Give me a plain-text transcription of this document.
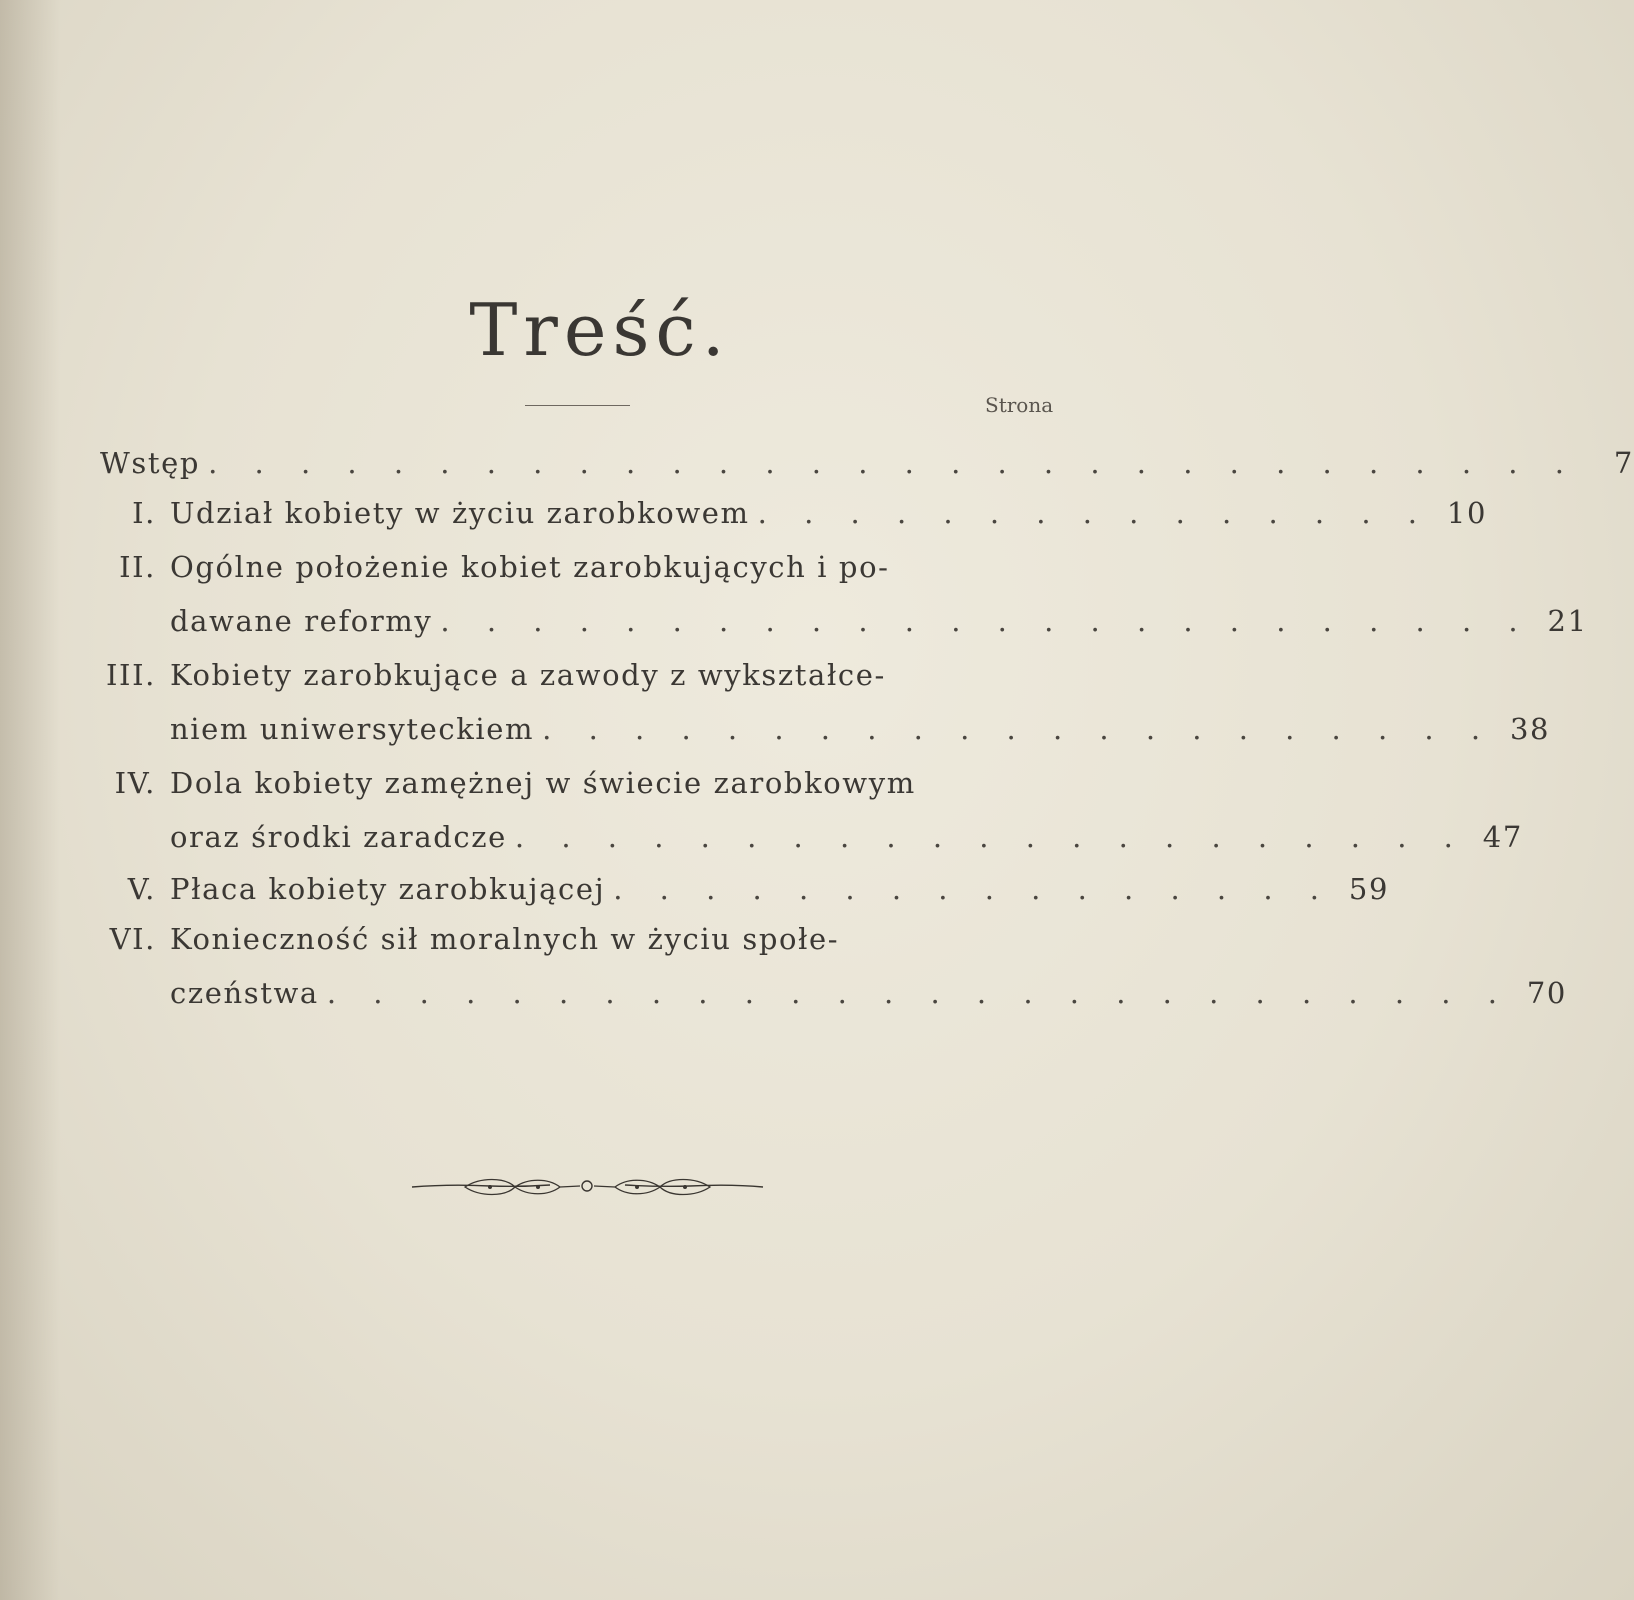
Treść.
Strona
Wstęp . . . . . . . . . . . . . . . . . . . . . . . . . . . . . .	7
I. Udział kobiety w życiu zarobkowem . . . . . . . . . . . . . . . 10
II. Ogólne położenie kobiet zarobkujących i po-
dawane reformy . . . . . . . . . . . . . . . . . . . . . . . . 21
III. Kobiety zarobkujące a zawody z wykształce-
niem uniwersyteckiem . . . . . . . . . . . . . . . . . . . . . 38
IV. Dola kobiety zamężnej w świecie zarobkowym
oraz środki zaradcze . . . . . . . . . . . . . . . . . . . . . 47
V. Płaca kobiety zarobkującej . . . . . . . . . . . . . . . . 59
VI. Konieczność sił moralnych w życiu społe-
czeństwa . . . . . . . . . . . . . . . . . . . . . . . . . . 70
